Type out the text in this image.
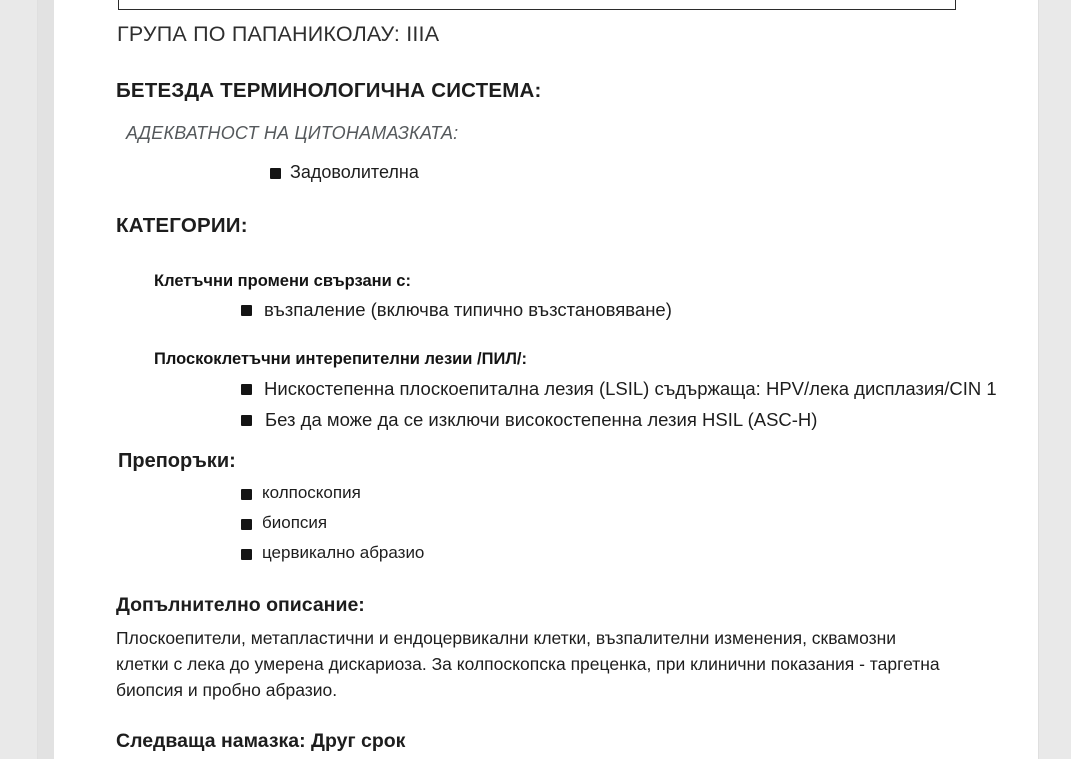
ГРУПА ПО ПАПАНИКОЛАУ: IIIA
БЕТЕЗДА ТЕРМИНОЛОГИЧНА СИСТЕМА:
АДЕКВАТНОСТ НА ЦИТОНАМАЗКАТА:
Задоволителна
КАТЕГОРИИ:
Клетъчни промени свързани с:
възпаление (включва типично възстановяване)
Плоскоклетъчни интерепителни лезии /ПИЛ/:
Нискостепенна плоскоепитална лезия (LSIL) съдържаща: HPV/лека дисплазия/CIN 1
Без да може да се изключи високостепенна лезия HSIL (ASC-H)
Препоръки:
колпоскопия
биопсия
цервикално абразио
Допълнително описание:
Плоскоепители, метапластични и ендоцервикални клетки, възпалителни изменения, сквамозни клетки с лека до умерена дискариоза. За колпоскопска преценка, при клинични показания - таргетна биопсия и пробно абразио.
Следваща намазка: Друг срок
